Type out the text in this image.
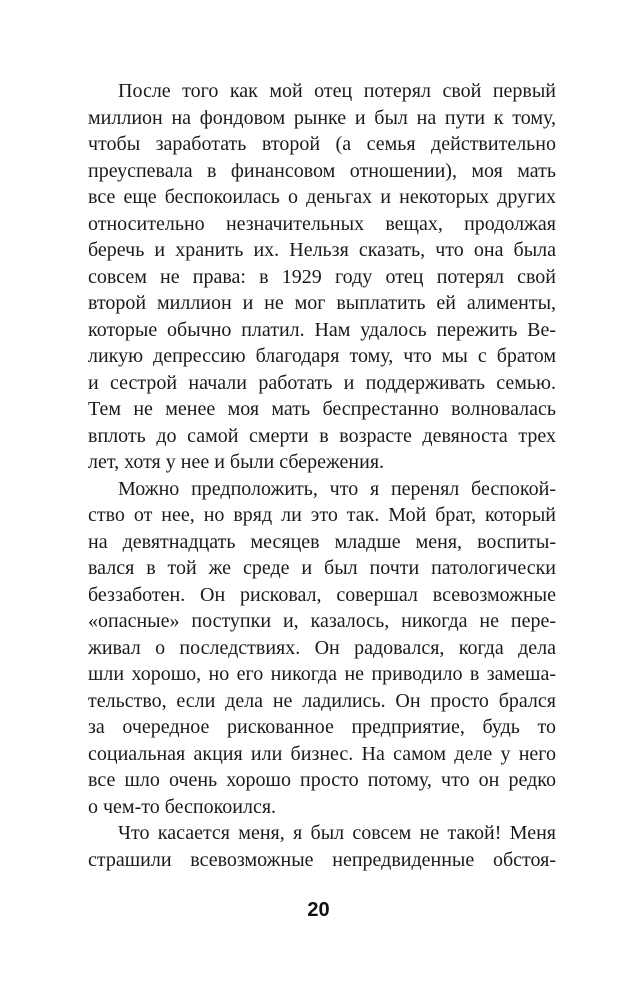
После того как мой отец потерял свой первый
миллион на фондовом рынке и был на пути к тому,
чтобы заработать второй (а семья действительно
преуспевала в финансовом отношении), моя мать
все еще беспокоилась о деньгах и некоторых других
относительно незначительных вещах, продолжая
беречь и хранить их. Нельзя сказать, что она была
совсем не права: в 1929 году отец потерял свой
второй миллион и не мог выплатить ей алименты,
которые обычно платил. Нам удалось пережить Ве-
ликую депрессию благодаря тому, что мы с братом
и сестрой начали работать и поддерживать семью.
Тем не менее моя мать беспрестанно волновалась
вплоть до самой смерти в возрасте девяноста трех
лет, хотя у нее и были сбережения.
Можно предположить, что я перенял беспокой-
ство от нее, но вряд ли это так. Мой брат, который
на девятнадцать месяцев младше меня, воспиты-
вался в той же среде и был почти патологически
беззаботен. Он рисковал, совершал всевозможные
«опасные» поступки и, казалось, никогда не пере-
живал о последствиях. Он радовался, когда дела
шли хорошо, но его никогда не приводило в замеша-
тельство, если дела не ладились. Он просто брался
за очередное рискованное предприятие, будь то
социальная акция или бизнес. На самом деле у него
все шло очень хорошо просто потому, что он редко
о чем-то беспокоился.
Что касается меня, я был совсем не такой! Меня
страшили всевозможные непредвиденные обстоя-
20
